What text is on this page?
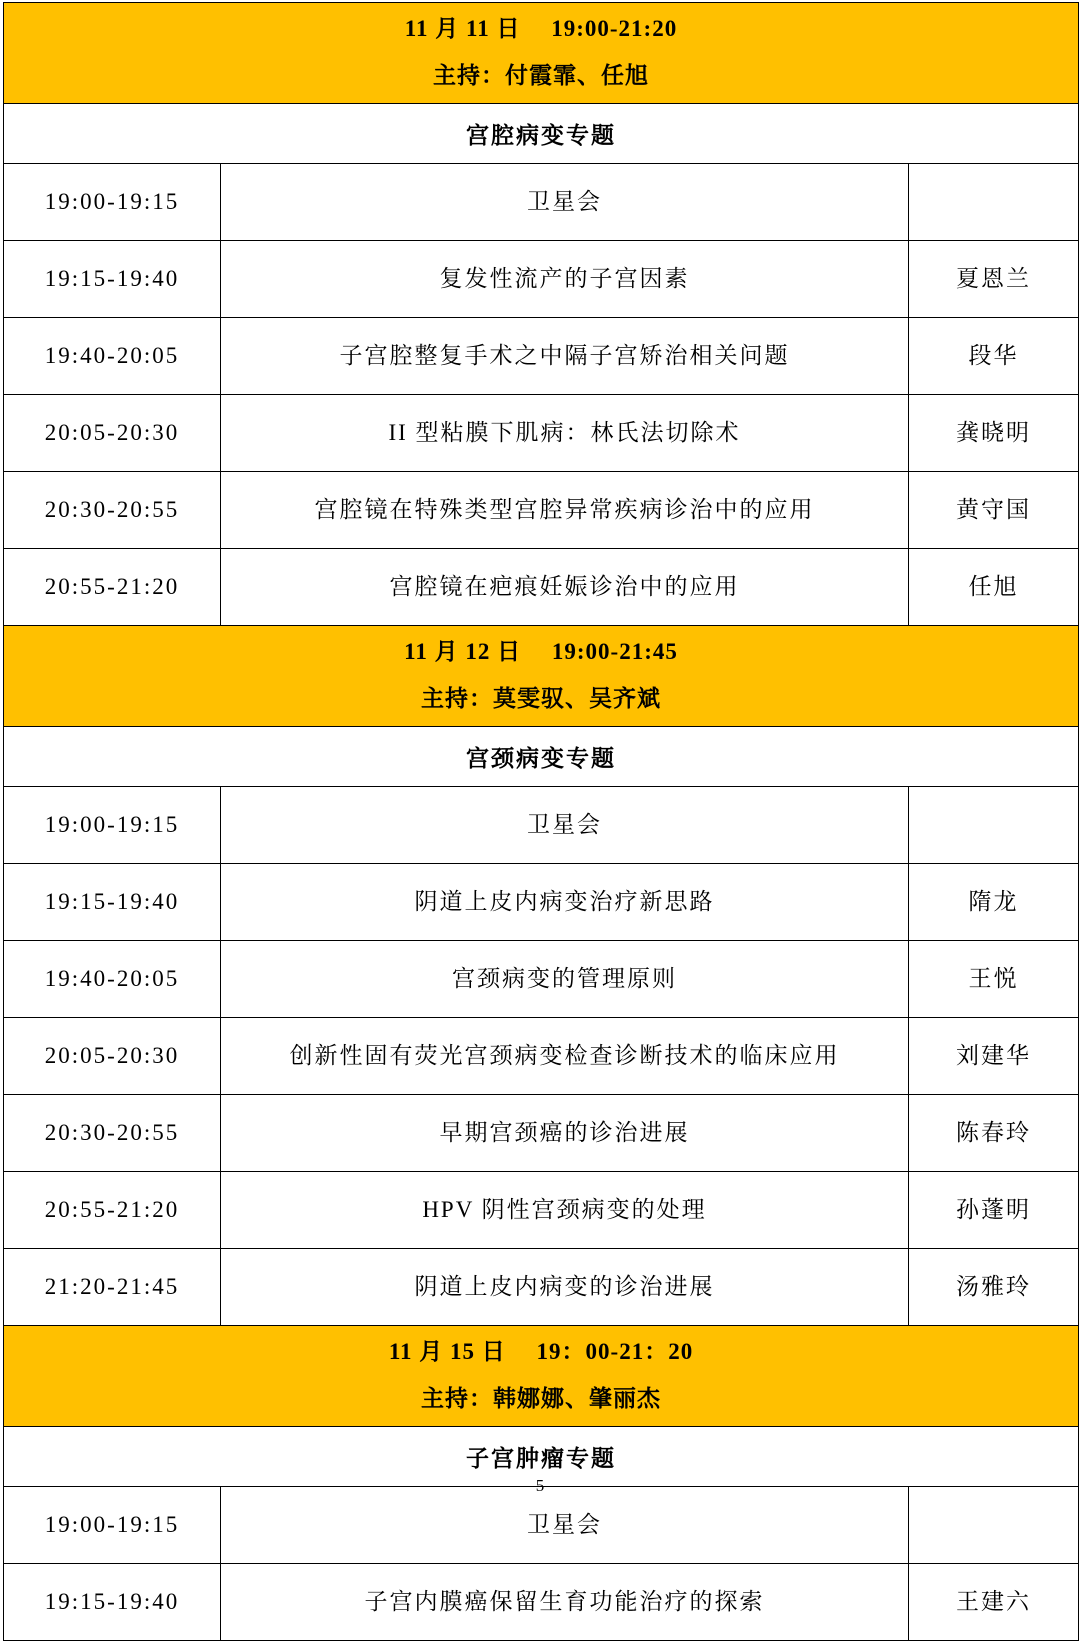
11 月 11 日　 19:00-21:20
主持：付霞霏、任旭		

宫腔病变专题		
19:00-19:15	卫星会	
19:15-19:40	复发性流产的子宫因素	夏恩兰
19:40-20:05	子宫腔整复手术之中隔子宫矫治相关问题	段华
20:05-20:30	II 型粘膜下肌病：林氏法切除术	龚晓明
20:30-20:55	宫腔镜在特殊类型宫腔异常疾病诊治中的应用	黄守国
20:55-21:20	宫腔镜在疤痕妊娠诊治中的应用	任旭

11 月 12 日　 19:00-21:45
主持：莫雯驭、吴齐斌		

宫颈病变专题		
19:00-19:15	卫星会	
19:15-19:40	阴道上皮内病变治疗新思路	隋龙
19:40-20:05	宫颈病变的管理原则	王悦
20:05-20:30	创新性固有荧光宫颈病变检查诊断技术的临床应用	刘建华
20:30-20:55	早期宫颈癌的诊治进展	陈春玲
20:55-21:20	HPV 阴性宫颈病变的处理	孙蓬明
21:20-21:45	阴道上皮内病变的诊治进展	汤雅玲

11 月 15 日　 19：00-21：20
主持：韩娜娜、肇丽杰		

子宫肿瘤专题		
19:00-19:15	卫星会	
19:15-19:40	子宫内膜癌保留生育功能治疗的探索	王建六
5
